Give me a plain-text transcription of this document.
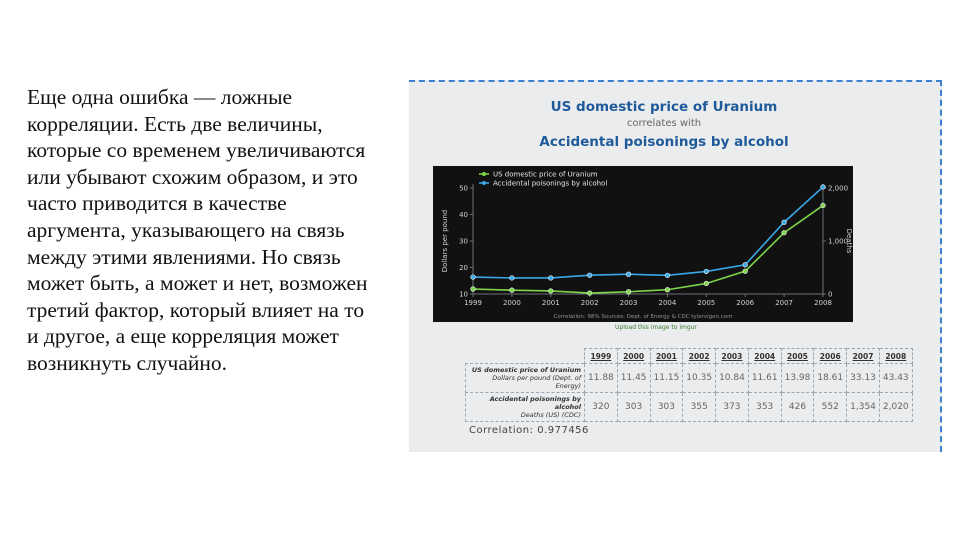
Еще одна ошибка — ложные корреляции. Есть две величины, которые со временем увеличиваются или убывают схожим образом, и это часто приводится в качестве аргумента, указывающего на связь между этими явлениями. Но связь может быть, а может и нет, возможен третий фактор, который влияет на то и другое, а еще корреляция может возникнуть случайно.

US domestic price of Uranium
correlates with
Accidental poisonings by alcohol
10
20
30
40
50
0
1,000
2,000
1999	2000	2001	2002	2003	2004	2005	2006	2007	2008
Dollars per pound	Deaths
US domestic price of Uranium
Accidental poisonings by alcohol
Correlation: 98% Sources: Dept. of Energy & CDC tylervigen.com
Upload this image to imgur
	1999	2000	2001	2002	2003	2004	2005	2006	2007	2008
US domestic price of Uranium
Dollars per pound (Dept. of Energy)	11.88	11.45	11.15	10.35	10.84	11.61	13.98	18.61	33.13	43.43
Accidental poisonings by alcohol
Deaths (US) (CDC)	320	303	303	355	373	353	426	552	1,354	2,020
Correlation: 0.977456
